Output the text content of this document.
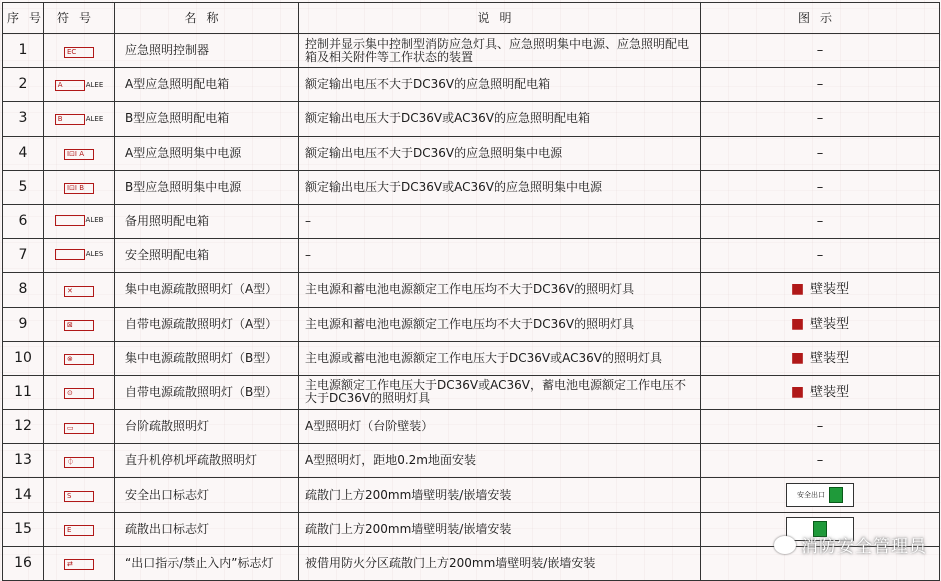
序号	符号	名称	说明	图示
1	EC	应急照明控制器	控制并显示集中控制型消防应急灯具、应急照明集中电源、应急照明配电箱及相关附件等工作状态的装置	–

2	A ALEE	A型应急照明配电箱	额定输出电压不大于DC36V的应急照明配电箱	–

3	B ALEE	B型应急照明配电箱	额定输出电压大于DC36V或AC36V的应急照明配电箱	–

4	I⊡I A	A型应急照明集中电源	额定输出电压不大于DC36V的应急照明集中电源	–

5	I⊡I B	B型应急照明集中电源	额定输出电压大于DC36V或AC36V的应急照明集中电源	–

6	ALEB	备用照明配电箱	–	–

7	ALES	安全照明配电箱	–	–

8	✕	集中电源疏散照明灯（A型）	主电源和蓄电池电源额定工作电压均不大于DC36V的照明灯具	■ 壁装型

9	⊠	自带电源疏散照明灯（A型）	主电源和蓄电池电源额定工作电压均不大于DC36V的照明灯具	■ 壁装型

10	⊗	集中电源疏散照明灯（B型）	主电源或蓄电池电源额定工作电压大于DC36V或AC36V的照明灯具	■ 壁装型

11	⊙	自带电源疏散照明灯（B型）	主电源额定工作电压大于DC36V或AC36V，蓄电池电源额定工作电压不大于DC36V的照明灯具	■ 壁装型

12	▭	台阶疏散照明灯	A型照明灯（台阶壁装）	–

13	⏀	直升机停机坪疏散照明灯	A型照明灯，距地0.2m地面安装	–

14	S	安全出口标志灯	疏散门上方200mm墙壁明装/嵌墙安装	安全出口

15	E	疏散出口标志灯	疏散门上方200mm墙壁明装/嵌墙安装	

16	⇄	“出口指示/禁止入内”标志灯	被借用防火分区疏散门上方200mm墙壁明装/嵌墙安装	
消防安全管理员
